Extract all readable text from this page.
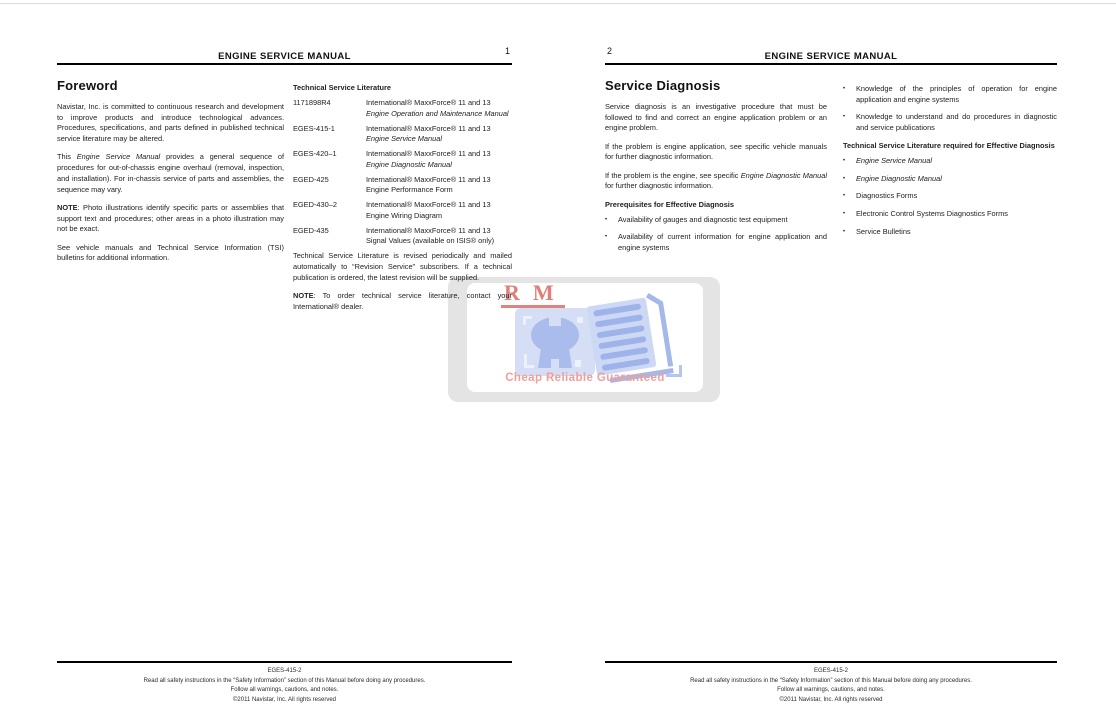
R M
Cheap Reliable Guaranteed
ENGINE SERVICE MANUAL	1
Foreword

Navistar, Inc. is committed to continuous research and development to improve products and introduce technological advances. Procedures, specifications, and parts defined in published technical service literature may be altered.

This Engine Service Manual provides a general sequence of procedures for out-of-chassis engine overhaul (removal, inspection, and installation). For in-chassis service of parts and assemblies, the sequence may vary.

NOTE: Photo illustrations identify specific parts or assemblies that support text and procedures; other areas in a photo illustration may not be exact.

See vehicle manuals and Technical Service Information (TSI) bulletins for additional information.

Technical Service Literature
1171898R4	International® MaxxForce® 11 and 13 Engine Operation and Maintenance Manual
EGES-415-1	International® MaxxForce® 11 and 13 Engine Service Manual
EGES-420–1	International® MaxxForce® 11 and 13 Engine Diagnostic Manual
EGED-425	International® MaxxForce® 11 and 13 Engine Performance Form
EGED-430–2	International® MaxxForce® 11 and 13 Engine Wiring Diagram
EGED-435	International® MaxxForce® 11 and 13 Signal Values (available on ISIS® only)

Technical Service Literature is revised periodically and mailed automatically to “Revision Service” subscribers. If a technical publication is ordered, the latest revision will be supplied.

NOTE: To order technical service literature, contact your International® dealer.

EGES-415-2
Read all safety instructions in the “Safety Information” section of this Manual before doing any procedures.
Follow all warnings, cautions, and notes.
©2011 Navistar, Inc. All rights reserved
ENGINE SERVICE MANUAL
2
Service Diagnosis

Service diagnosis is an investigative procedure that must be followed to find and correct an engine application problem or an engine problem.

If the problem is engine application, see specific vehicle manuals for further diagnostic information.

If the problem is the engine, see specific Engine Diagnostic Manual for further diagnostic information.

Prerequisites for Effective Diagnosis
•
Availability of gauges and diagnostic test equipment
•
Availability of current information for engine application and engine systems
•
Knowledge of the principles of operation for engine application and engine systems
•
Knowledge to understand and do procedures in diagnostic and service publications
Technical Service Literature required for Effective Diagnosis
•
Engine Service Manual
•
Engine Diagnostic Manual
•
Diagnostics Forms
•
Electronic Control Systems Diagnostics Forms
•
Service Bulletins
EGES-415-2
Read all safety instructions in the “Safety Information” section of this Manual before doing any procedures.
Follow all warnings, cautions, and notes.
©2011 Navistar, Inc. All rights reserved
